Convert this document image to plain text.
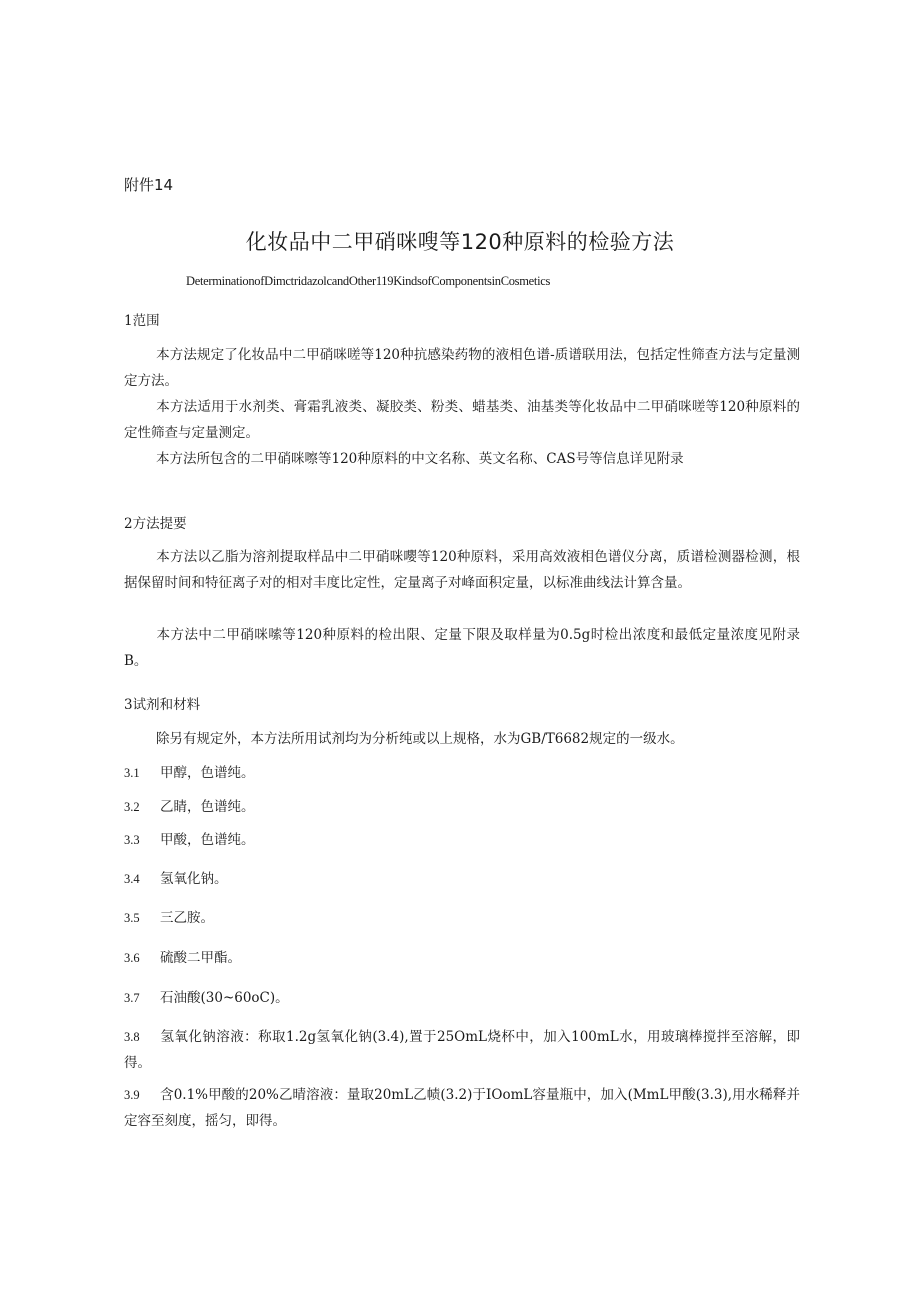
附件14
化妆品中二甲硝咪嗖等120种原料的检验方法
DeterminationofDimctridazolcandOther119KindsofComponentsinCosmetics
1范围
本方法规定了化妆品中二甲硝咪嗟等120种抗感染药物的液相色谱-质谱联用法，包括定性筛查方法与定量测定方法。
本方法适用于水剂类、膏霜乳液类、凝胶类、粉类、蜡基类、油基类等化妆品中二甲硝咪嗟等120种原料的定性筛查与定量测定。
本方法所包含的二甲硝咪嚓等120种原料的中文名称、英文名称、CAS号等信息详见附录
2方法提要
本方法以乙脂为溶剂提取样品中二甲硝咪嚶等120种原料，采用高效液相色谱仪分离，质谱检测器检测，根据保留时间和特征离子对的相对丰度比定性，定量离子对峰面积定量，以标准曲线法计算含量。
本方法中二甲硝咪嗦等120种原料的检出限、定量下限及取样量为0.5g时检出浓度和最低定量浓度见附录B。
3试剂和材料
除另有规定外，本方法所用试剂均为分析纯或以上规格，水为GB/T6682规定的一级水。
3.1 甲醇，色谱纯。
3.2 乙睛，色谱纯。
3.3 甲酸，色谱纯。
3.4 氢氧化钠。
3.5 三乙胺。
3.6 硫酸二甲酯。
3.7 石油酸(30~60oC)。
3.8 氢氧化钠溶液：称取1.2g氢氧化钠(3.4),置于25OmL烧杯中，加入100mL水，用玻璃棒搅拌至溶解，即得。
3.9 含0.1%甲酸的20%乙晴溶液：量取20mL乙帻(3.2)于IOomL容量瓶中，加入(MmL甲酸(3.3),用水稀释并定容至刻度，摇匀，即得。
